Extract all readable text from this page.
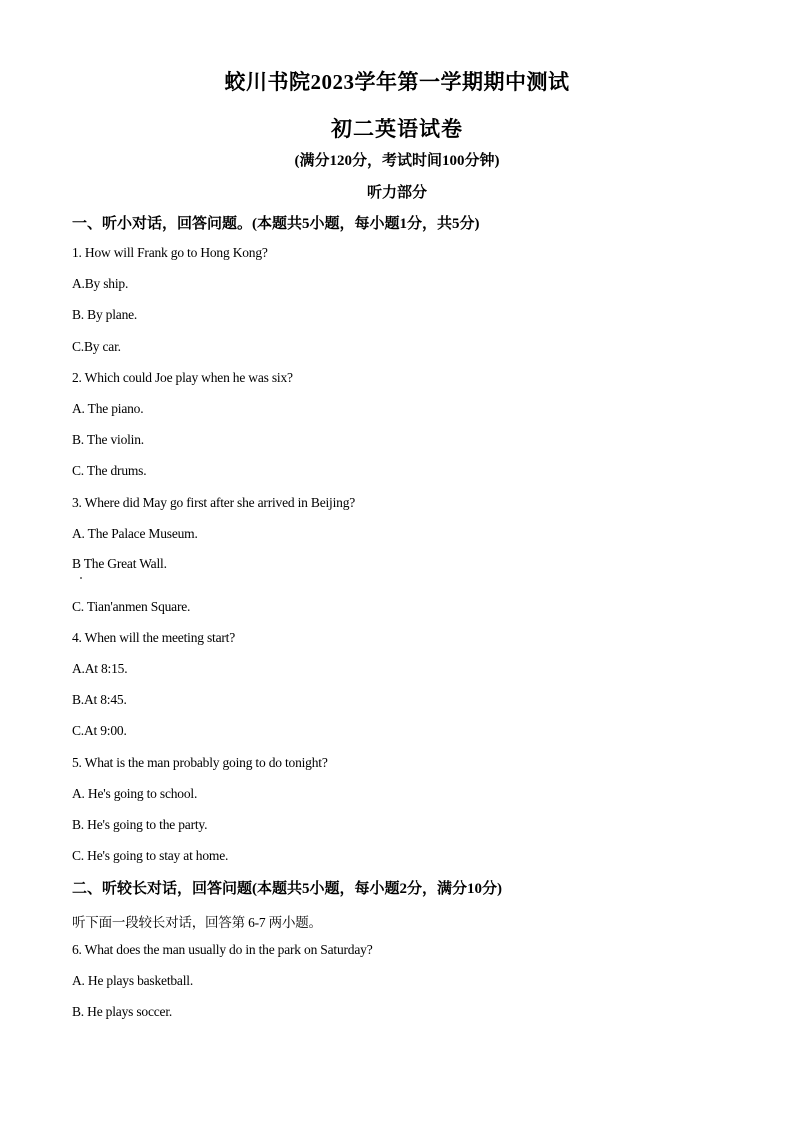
蛟川书院2023学年第一学期期中测试
初二英语试卷
(满分120分，考试时间100分钟)
听力部分
一、听小对话，回答问题。(本题共5小题，每小题1分，共5分)
1. How will Frank go to Hong Kong?
A.By ship.
B. By plane.
C.By car.
2. Which could Joe play when he was six?
A. The piano.
B. The violin.
C. The drums.
3. Where did May go first after she arrived in Beijing?
A. The Palace Museum.
B The Great Wall.
C. Tian'anmen Square.
4. When will the meeting start?
A.At 8:15.
B.At 8:45.
C.At 9:00.
5. What is the man probably going to do tonight?
A. He's going to school.
B. He's going to the party.
C. He's going to stay at home.
二、听较长对话，回答问题(本题共5小题，每小题2分，满分10分)
听下面一段较长对话，回答第 6-7 两小题。
6. What does the man usually do in the park on Saturday?
A. He plays basketball.
B. He plays soccer.
